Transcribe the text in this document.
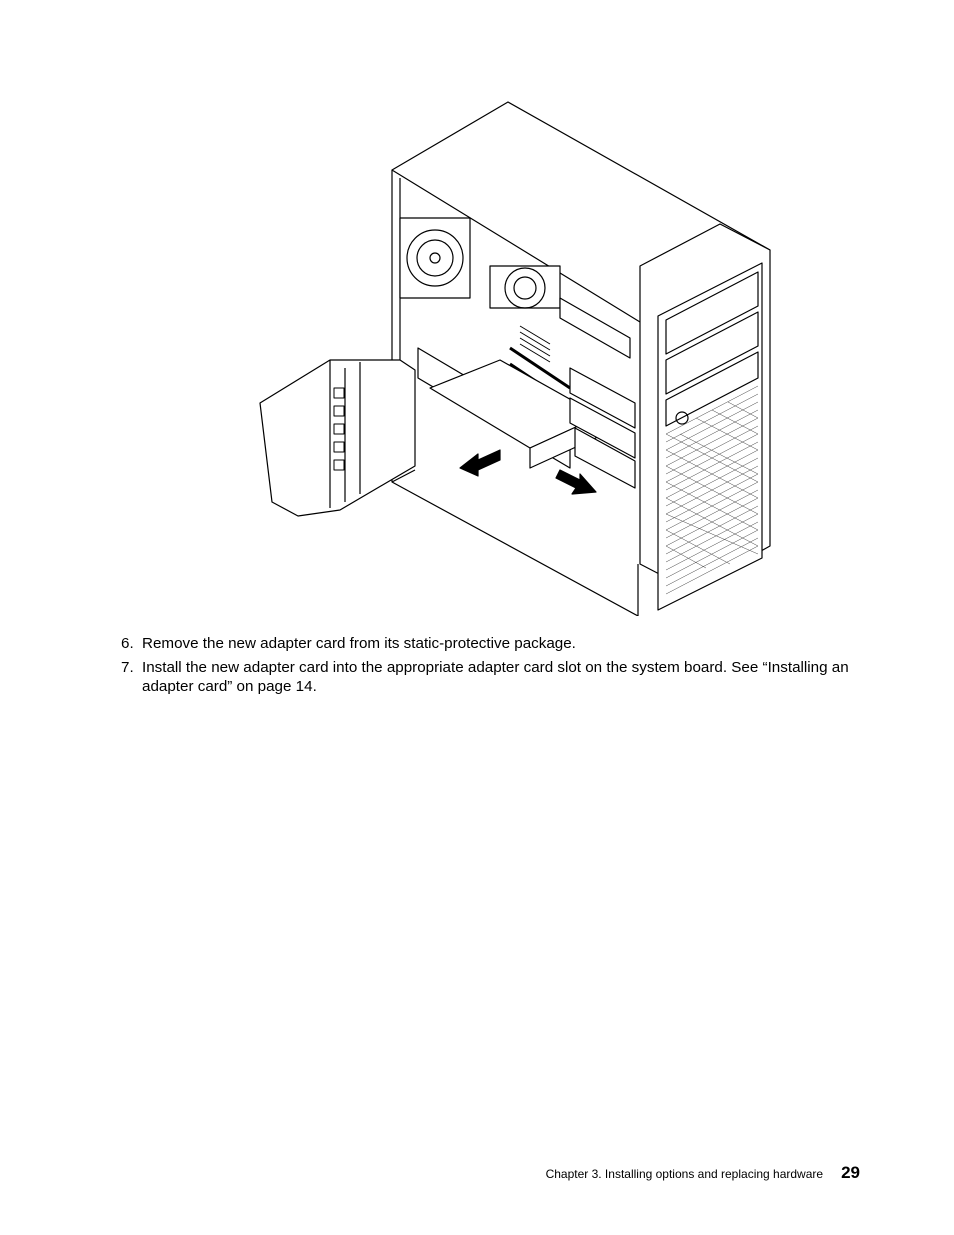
6. Remove the new adapter card from its static-protective package.
7. Install the new adapter card into the appropriate adapter card slot on the system board. See “Installing an adapter card” on page 14.
Chapter 3. Installing options and replacing hardware 29
